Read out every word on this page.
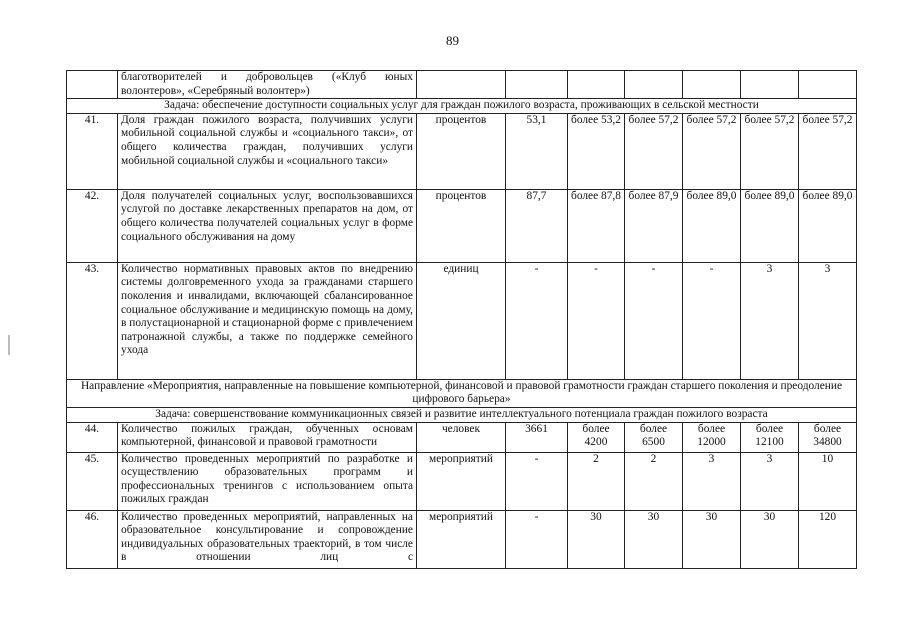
89
	благотворителей и добровольцев («Клуб юных волонтеров», «Серебряный волонтер»)							
Задача: обеспечение доступности социальных услуг для граждан пожилого возраста, проживающих в сельской местности								
41.	Доля граждан пожилого возраста, получивших услуги мобильной социальной службы и «социального такси», от общего количества граждан, получивших услуги мобильной социальной службы и «социального такси»	процентов	53,1	более 53,2	более 57,2	более 57,2	более 57,2	более 57,2
42.	Доля получателей социальных услуг, воспользовавшихся услугой по доставке лекарственных препаратов на дом, от общего количества получателей социальных услуг в форме социального обслуживания на дому	процентов	87,7	более 87,8	более 87,9	более 89,0	более 89,0	более 89,0
43.	Количество нормативных правовых актов по внедрению системы долговременного ухода за гражданами старшего поколения и инвалидами, включающей сбалансированное социальное обслуживание и медицинскую помощь на дому, в полустационарной и стационарной форме с привлечением патронажной службы, а также по поддержке семейного ухода	единиц	-	-	-	-	3	3
Направление «Мероприятия, направленные на повышение компьютерной, финансовой и правовой грамотности граждан старшего поколения и преодоление цифрового барьера»								
Задача: совершенствование коммуникационных связей и развитие интеллектуального потенциала граждан пожилого возраста								
44.	Количество пожилых граждан, обученных основам компьютерной, финансовой и правовой грамотности	человек	3661	более 4200	более 6500	более 12000	более 12100	более 34800
45.	Количество проведенных мероприятий по разработке и осуществлению образовательных программ и профессиональных тренингов с использованием опыта пожилых граждан	мероприятий	-	2	2	3	3	10
46.	Количество проведенных мероприятий, направленных на образовательное консультирование и сопровождение индивидуальных образовательных траекторий, в том числе в отношении лиц с	мероприятий	-	30	30	30	30	120
